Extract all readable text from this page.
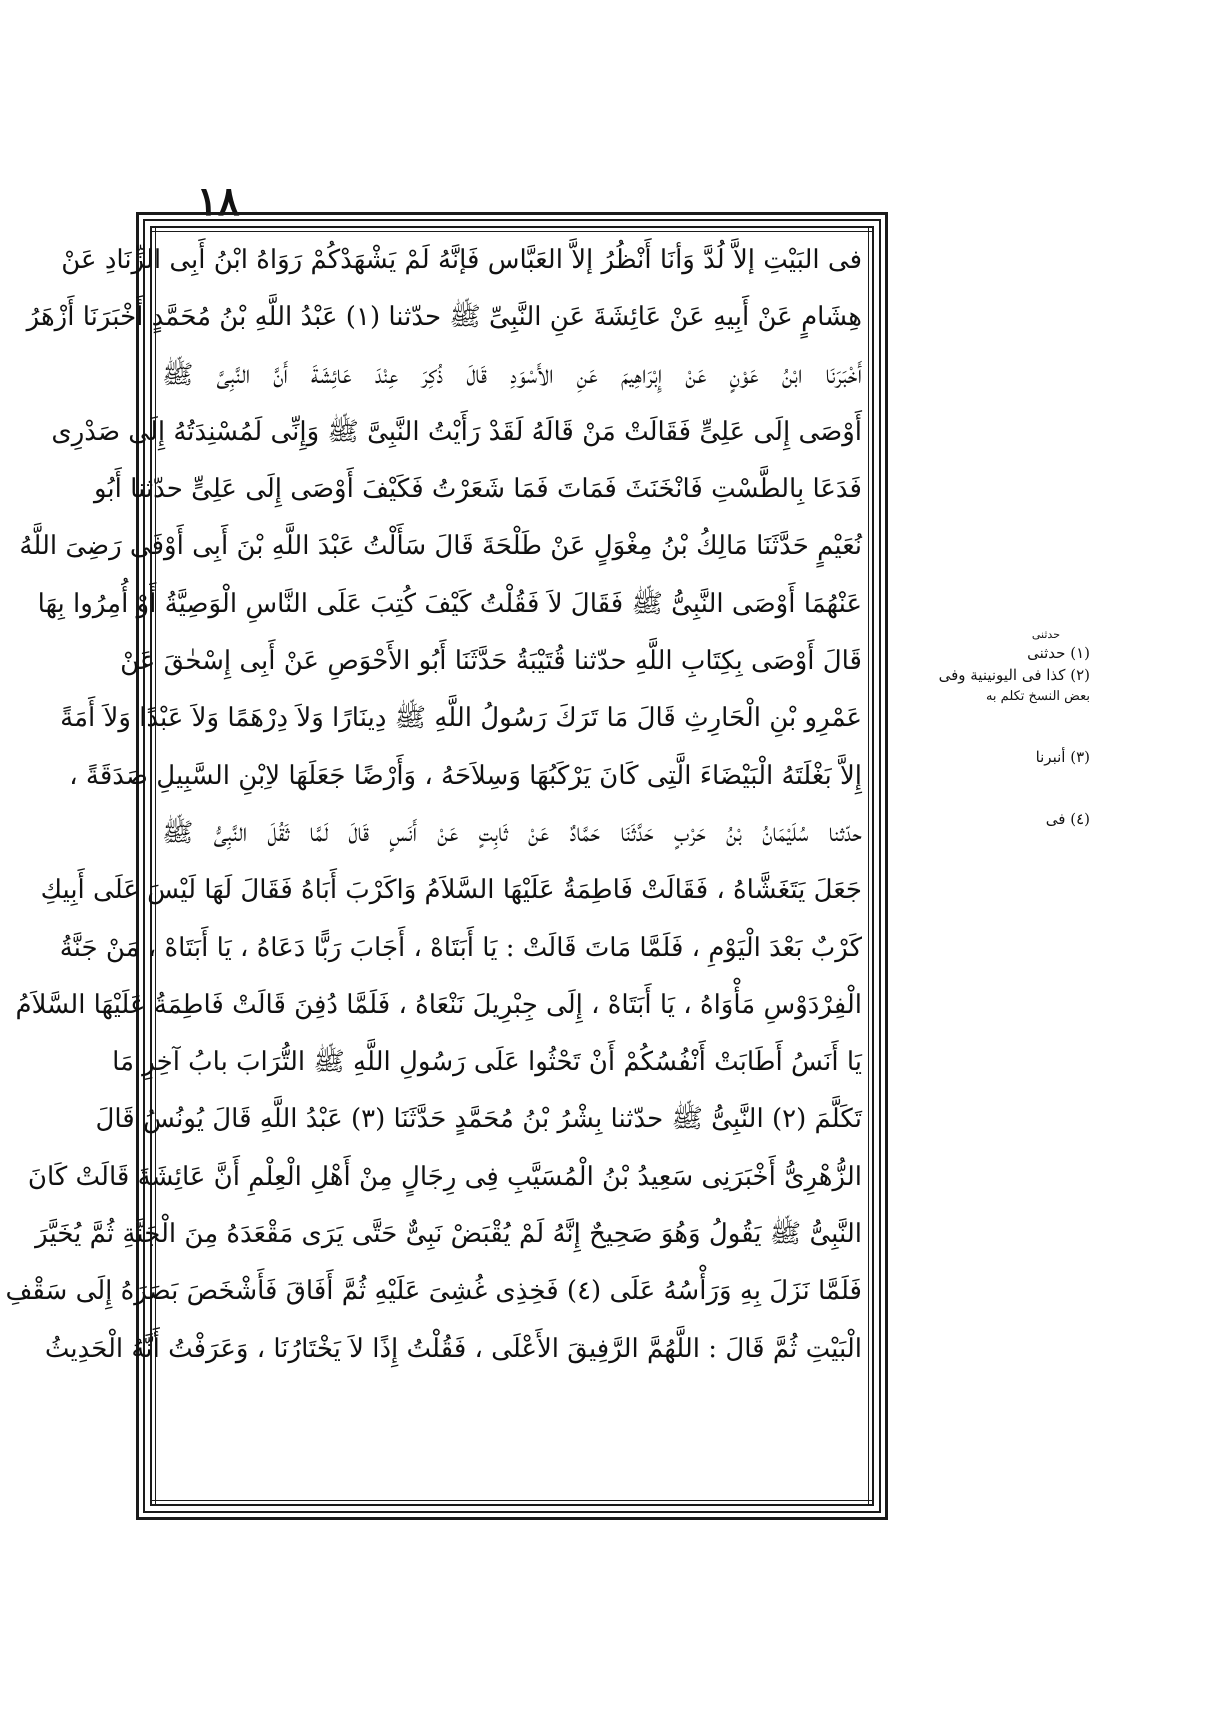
١٨
فى البَيْتِ إلاَّ لُدَّ وَأنَا أَنْظُرُ إلاَّ العَبَّاس فَإنَّهُ لَمْ يَشْهَدْكُمْ رَوَاهُ ابْنُ أَبِى الزِّنَادِ عَنْ
هِشَامٍ عَنْ أَبِيهِ عَنْ عَائِشَةَ عَنِ النَّبِىِّ ﷺ حدّثنا (١) عَبْدُ اللَّهِ بْنُ مُحَمَّدٍ أَخْبَرَنَا أَزْهَرُ
أَخْبَرَنَا ابْنُ عَوْنٍ عَنْ إِبْرَاهِيمَ عَنِ الأَسْوَدِ قَالَ ذُكِرَ عِنْدَ عَائِشَةَ أَنَّ النَّبِىَّ ﷺ
أَوْصَى إِلَى عَلِىٍّ فَقَالَتْ مَنْ قَالَهُ لَقَدْ رَأَيْتُ النَّبِىَّ ﷺ وَإِنِّى لَمُسْنِدَتُهُ إِلَى صَدْرِى
فَدَعَا بِالطَّسْتِ فَانْخَنَثَ فَمَاتَ فَمَا شَعَرْتُ فَكَيْفَ أَوْصَى إِلَى عَلِىٍّ حدّثنا أَبُو
نُعَيْمٍ حَدَّثَنَا مَالِكُ بْنُ مِغْوَلٍ عَنْ طَلْحَةَ قَالَ سَأَلْتُ عَبْدَ اللَّهِ بْنَ أَبِى أَوْفَى رَضِىَ اللَّهُ
عَنْهُمَا أَوْصَى النَّبِىُّ ﷺ فَقَالَ لاَ فَقُلْتُ كَيْفَ كُتِبَ عَلَى النَّاسِ الْوَصِيَّةُ أَوْ أُمِرُوا بِهَا
قَالَ أَوْصَى بِكِتَابِ اللَّهِ حدّثنا قُتَيْبَةُ حَدَّثَنَا أَبُو الأَحْوَصِ عَنْ أَبِى إِسْحٰقَ عَنْ
عَمْرِو بْنِ الْحَارِثِ قَالَ مَا تَرَكَ رَسُولُ اللَّهِ ﷺ دِينَارًا وَلاَ دِرْهَمًا وَلاَ عَبْدًا وَلاَ أَمَةً
إِلاَّ بَغْلَتَهُ الْبَيْضَاءَ الَّتِى كَانَ يَرْكَبُهَا وَسِلاَحَهُ ، وَأَرْضًا جَعَلَهَا لاِبْنِ السَّبِيلِ صَدَقَةً ،
حدّثنا سُلَيْمَانُ بْنُ حَرْبٍ حَدَّثَنَا حَمَّادٌ عَنْ ثَابِتٍ عَنْ أَنَسٍ قَالَ لَمَّا ثَقُلَ النَّبِىُّ ﷺ
جَعَلَ يَتَغَشَّاهُ ، فَقَالَتْ فَاطِمَةُ عَلَيْهَا السَّلاَمُ وَاكَرْبَ أَبَاهُ فَقَالَ لَهَا لَيْسَ عَلَى أَبِيكِ
كَرْبٌ بَعْدَ الْيَوْمِ ، فَلَمَّا مَاتَ قَالَتْ : يَا أَبَتَاهْ ، أَجَابَ رَبًّا دَعَاهُ ، يَا أَبَتَاهْ ، مَنْ جَنَّةُ
الْفِرْدَوْسِ مَأْوَاهُ ، يَا أَبَتَاهْ ، إِلَى جِبْرِيلَ نَنْعَاهُ ، فَلَمَّا دُفِنَ قَالَتْ فَاطِمَةُ عَلَيْهَا السَّلاَمُ
يَا أَنَسُ أَطَابَتْ أَنْفُسُكُمْ أَنْ تَحْثُوا عَلَى رَسُولِ اللَّهِ ﷺ التُّرَابَ بابُ آخِرِ مَا
تَكَلَّمَ (٢) النَّبِىُّ ﷺ حدّثنا بِشْرُ بْنُ مُحَمَّدٍ حَدَّثَنَا (٣) عَبْدُ اللَّهِ قَالَ يُونُسُ قَالَ
الزُّهْرِىُّ أَخْبَرَنِى سَعِيدُ بْنُ الْمُسَيَّبِ فِى رِجَالٍ مِنْ أَهْلِ الْعِلْمِ أَنَّ عَائِشَةَ قَالَتْ كَانَ
النَّبِىُّ ﷺ يَقُولُ وَهُوَ صَحِيحٌ إِنَّهُ لَمْ يُقْبَضْ نَبِىٌّ حَتَّى يَرَى مَقْعَدَهُ مِنَ الْجَنَّةِ ثُمَّ يُخَيَّرَ
فَلَمَّا نَزَلَ بِهِ وَرَأْسُهُ عَلَى (٤) فَخِذِى غُشِىَ عَلَيْهِ ثُمَّ أَفَاقَ فَأَشْخَصَ بَصَرَهُ إِلَى سَقْفِ
الْبَيْتِ ثُمَّ قَالَ : اللَّهُمَّ الرَّفِيقَ الأَعْلَى ، فَقُلْتُ إِذًا لاَ يَخْتَارُنَا ، وَعَرَفْتُ أَنَّهُ الْحَدِيثُ
حدثنى
(١) حدثنى
(٢) كذا فى اليونينية وفى
بعض النسخ تكلم به
(٣) أنبرنا
(٤) فى
